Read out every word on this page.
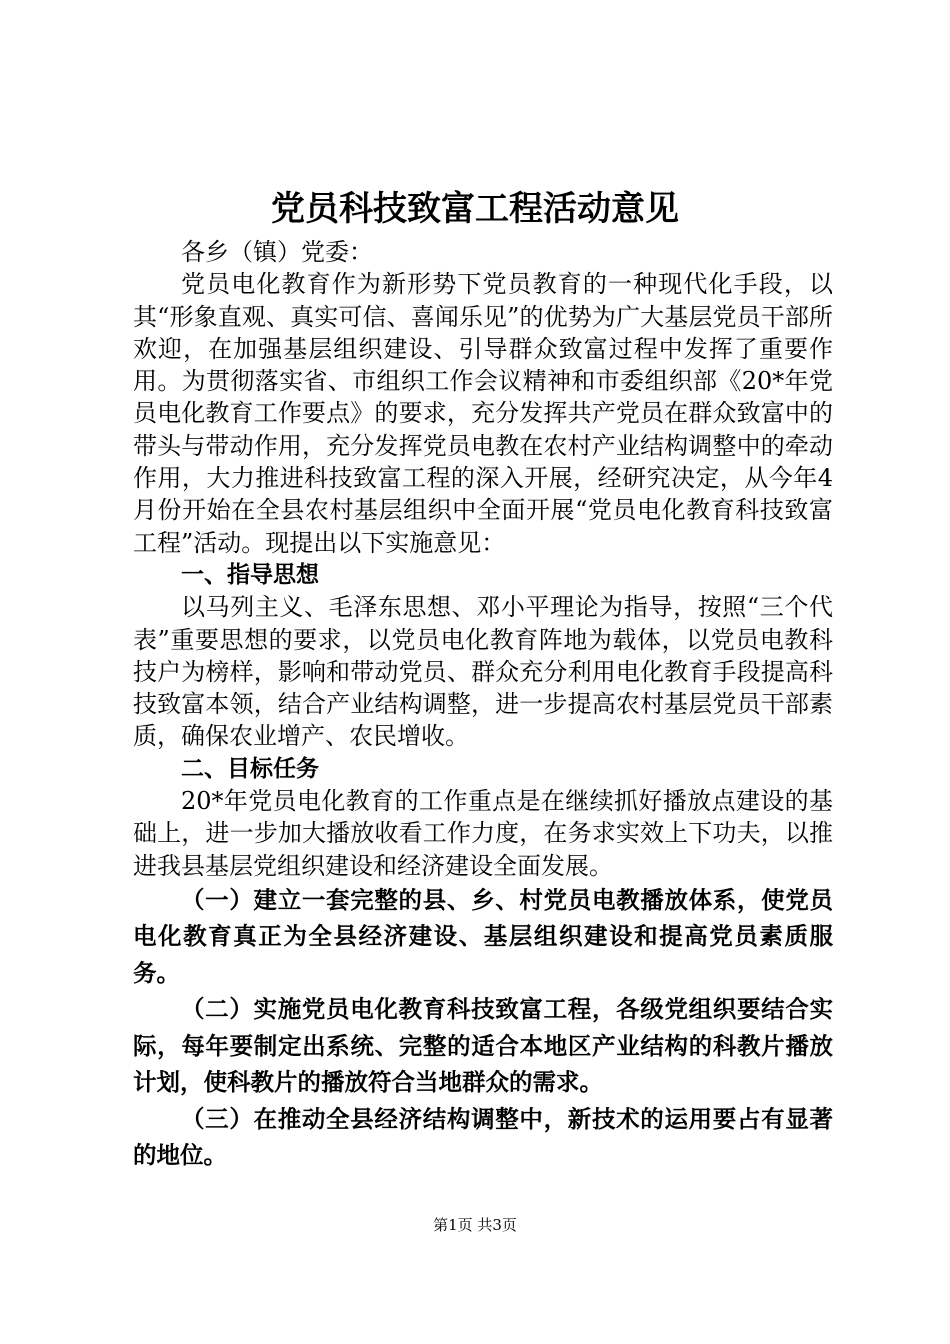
党员科技致富工程活动意见

各乡（镇）党委：

党员电化教育作为新形势下党员教育的一种现代化手段，以其“形象直观、真实可信、喜闻乐见”的优势为广大基层党员干部所欢迎，在加强基层组织建设、引导群众致富过程中发挥了重要作用。为贯彻落实省、市组织工作会议精神和市委组织部《20*年党员电化教育工作要点》的要求，充分发挥共产党员在群众致富中的带头与带动作用，充分发挥党员电教在农村产业结构调整中的牵动作用，大力推进科技致富工程的深入开展，经研究决定，从今年4月份开始在全县农村基层组织中全面开展“党员电化教育科技致富工程”活动。现提出以下实施意见：

一、指导思想

以马列主义、毛泽东思想、邓小平理论为指导，按照“三个代表”重要思想的要求，以党员电化教育阵地为载体，以党员电教科技户为榜样，影响和带动党员、群众充分利用电化教育手段提高科技致富本领，结合产业结构调整，进一步提高农村基层党员干部素质，确保农业增产、农民增收。

二、目标任务

20*年党员电化教育的工作重点是在继续抓好播放点建设的基础上，进一步加大播放收看工作力度，在务求实效上下功夫，以推进我县基层党组织建设和经济建设全面发展。

（一）建立一套完整的县、乡、村党员电教播放体系，使党员电化教育真正为全县经济建设、基层组织建设和提高党员素质服务。

（二）实施党员电化教育科技致富工程，各级党组织要结合实际，每年要制定出系统、完整的适合本地区产业结构的科教片播放计划，使科教片的播放符合当地群众的需求。

（三）在推动全县经济结构调整中，新技术的运用要占有显著的地位。

第1页 共3页
